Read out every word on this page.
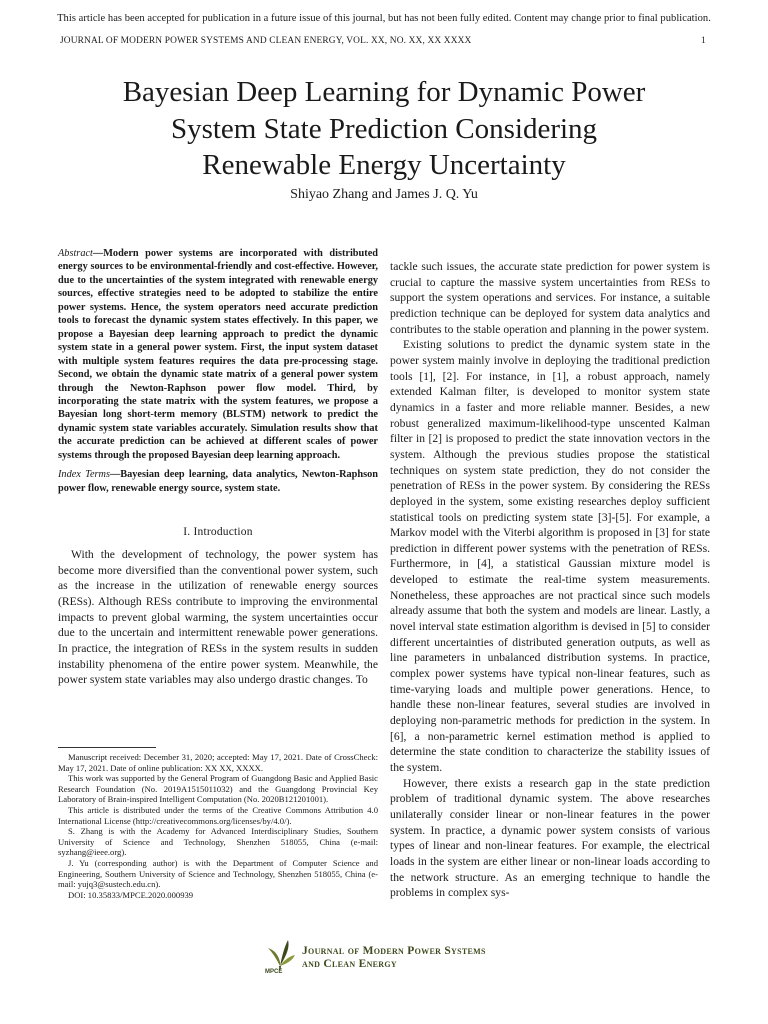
This article has been accepted for publication in a future issue of this journal, but has not been fully edited. Content may change prior to final publication.
JOURNAL OF MODERN POWER SYSTEMS AND CLEAN ENERGY, VOL. XX, NO. XX, XX XXXX	1
Bayesian Deep Learning for Dynamic Power
System State Prediction Considering
Renewable Energy Uncertainty
Shiyao Zhang and James J. Q. Yu

Abstract—Modern power systems are incorporated with distributed energy sources to be environmental-friendly and cost-effective. However, due to the uncertainties of the system integrated with renewable energy sources, effective strategies need to be adopted to stabilize the entire power systems. Hence, the system operators need accurate prediction tools to forecast the dynamic system states effectively. In this paper, we propose a Bayesian deep learning approach to predict the dynamic system state in a general power system. First, the input system dataset with multiple system features requires the data pre-processing stage. Second, we obtain the dynamic state matrix of a general power system through the Newton-Raphson power flow model. Third, by incorporating the state matrix with the system features, we propose a Bayesian long short-term memory (BLSTM) network to predict the dynamic system state variables accurately. Simulation results show that the accurate prediction can be achieved at different scales of power systems through the proposed Bayesian deep learning approach.

Index Terms—Bayesian deep learning, data analytics, Newton-Raphson power flow, renewable energy source, system state.

I. Introduction

With the development of technology, the power system has become more diversified than the conventional power system, such as the increase in the utilization of renewable energy sources (RESs). Although RESs contribute to improving the environmental impacts to prevent global warming, the system uncertainties occur due to the uncertain and intermittent renewable power generations. In practice, the integration of RESs in the system results in sudden instability phenomena of the entire power system. Meanwhile, the power system state variables may also undergo drastic changes. To

tackle such issues, the accurate state prediction for power system is crucial to capture the massive system uncertainties from RESs to support the system operations and services. For instance, a suitable prediction technique can be deployed for system data analytics and contributes to the stable operation and planning in the power system.

Existing solutions to predict the dynamic system state in the power system mainly involve in deploying the traditional prediction tools [1], [2]. For instance, in [1], a robust approach, namely extended Kalman filter, is developed to monitor system state dynamics in a faster and more reliable manner. Besides, a new robust generalized maximum-likelihood-type unscented Kalman filter in [2] is proposed to predict the state innovation vectors in the system. Although the previous studies propose the statistical techniques on system state prediction, they do not consider the penetration of RESs in the power system. By considering the RESs deployed in the system, some existing researches deploy sufficient statistical tools on predicting system state [3]-[5]. For example, a Markov model with the Viterbi algorithm is proposed in [3] for state prediction in different power systems with the penetration of RESs. Furthermore, in [4], a statistical Gaussian mixture model is developed to estimate the real-time system measurements. Nonetheless, these approaches are not practical since such models already assume that both the system and models are linear. Lastly, a novel interval state estimation algorithm is devised in [5] to consider different uncertainties of distributed generation outputs, as well as line parameters in unbalanced distribution systems. In practice, complex power systems have typical non-linear features, such as time-varying loads and multiple power generations. Hence, to handle these non-linear features, several studies are involved in deploying non-parametric methods for prediction in the system. In [6], a non-parametric kernel estimation method is applied to determine the state condition to characterize the stability issues of the system.

However, there exists a research gap in the state prediction problem of traditional dynamic system. The above researches unilaterally consider linear or non-linear features in the power system. In practice, a dynamic power system consists of various types of linear and non-linear features. For example, the electrical loads in the system are either linear or non-linear loads according to the network structure. As an emerging technique to handle the problems in complex sys-

Manuscript received: December 31, 2020; accepted: May 17, 2021. Date of CrossCheck: May 17, 2021. Date of online publication: XX XX, XXXX.

This work was supported by the General Program of Guangdong Basic and Applied Basic Research Foundation (No. 2019A1515011032) and the Guangdong Provincial Key Laboratory of Brain-inspired Intelligent Computation (No. 2020B121201001).

This article is distributed under the terms of the Creative Commons Attribution 4.0 International License (http://creativecommons.org/licenses/by/4.0/).

S. Zhang is with the Academy for Advanced Interdisciplinary Studies, Southern University of Science and Technology, Shenzhen 518055, China (e-mail: syzhang@ieee.org).

J. Yu (corresponding author) is with the Department of Computer Science and Engineering, Southern University of Science and Technology, Shenzhen 518055, China (e-mail: yujq3@sustech.edu.cn).

DOI: 10.35833/MPCE.2020.000939

MPCE
Journal of Modern Power Systems
and Clean Energy
